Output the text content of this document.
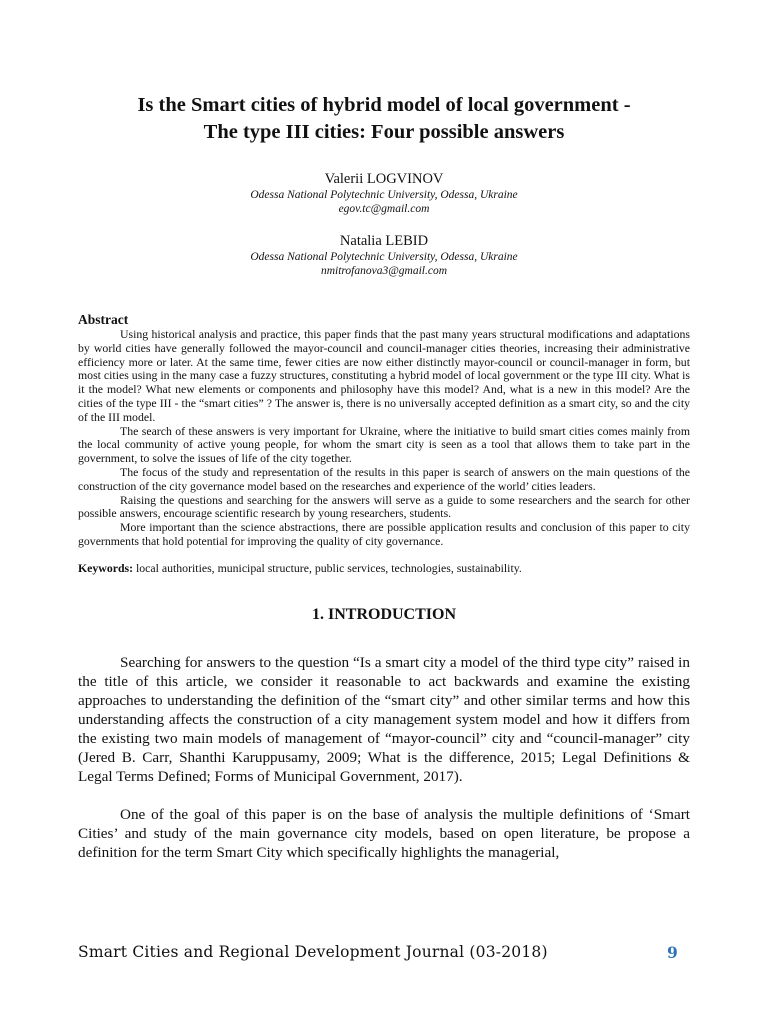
Is the Smart cities of hybrid model of local government -
The type III cities: Four possible answers
Valerii LOGVINOV
Odessa National Polytechnic University, Odessa, Ukraine
egov.tc@gmail.com
Natalia LEBID
Odessa National Polytechnic University, Odessa, Ukraine
nmitrofanova3@gmail.com
Abstract

Using historical analysis and practice, this paper finds that the past many years structural modifications and adaptations by world cities have generally followed the mayor-council and council-manager cities theories, increasing their administrative efficiency more or later. At the same time, fewer cities are now either distinctly mayor-council or council-manager in form, but most cities using in the many case a fuzzy structures, constituting a hybrid model of local government or the type III city. What is it the model? What new elements or components and philosophy have this model? And, what is a new in this model? Are the cities of the type III - the “smart cities” ? The answer is, there is no universally accepted definition as a smart city, so and the city of the III model.

The search of these answers is very important for Ukraine, where the initiative to build smart cities comes mainly from the local community of active young people, for whom the smart city is seen as a tool that allows them to take part in the government, to solve the issues of life of the city together.

The focus of the study and representation of the results in this paper is search of answers on the main questions of the construction of the city governance model based on the researches and experience of the world’ cities leaders.

Raising the questions and searching for the answers will serve as a guide to some researchers and the search for other possible answers, encourage scientific research by young researchers, students.

More important than the science abstractions, there are possible application results and conclusion of this paper to city governments that hold potential for improving the quality of city governance.

Keywords: local authorities, municipal structure, public services, technologies, sustainability.
1. INTRODUCTION

Searching for answers to the question “Is a smart city a model of the third type city” raised in the title of this article, we consider it reasonable to act backwards and examine the existing approaches to understanding the definition of the “smart city” and other similar terms and how this understanding affects the construction of a city management system model and how it differs from the existing two main models of management of “mayor-council” city and “council-manager” city (Jered B. Carr, Shanthi Karuppusamy, 2009; What is the difference, 2015; Legal Definitions & Legal Terms Defined; Forms of Municipal Government, 2017).

One of the goal of this paper is on the base of analysis the multiple definitions of ‘Smart Cities’ and study of the main governance city models, based on open literature, be propose a definition for the term Smart City which specifically highlights the managerial,

Smart Cities and Regional Development Journal (03-2018)	9
